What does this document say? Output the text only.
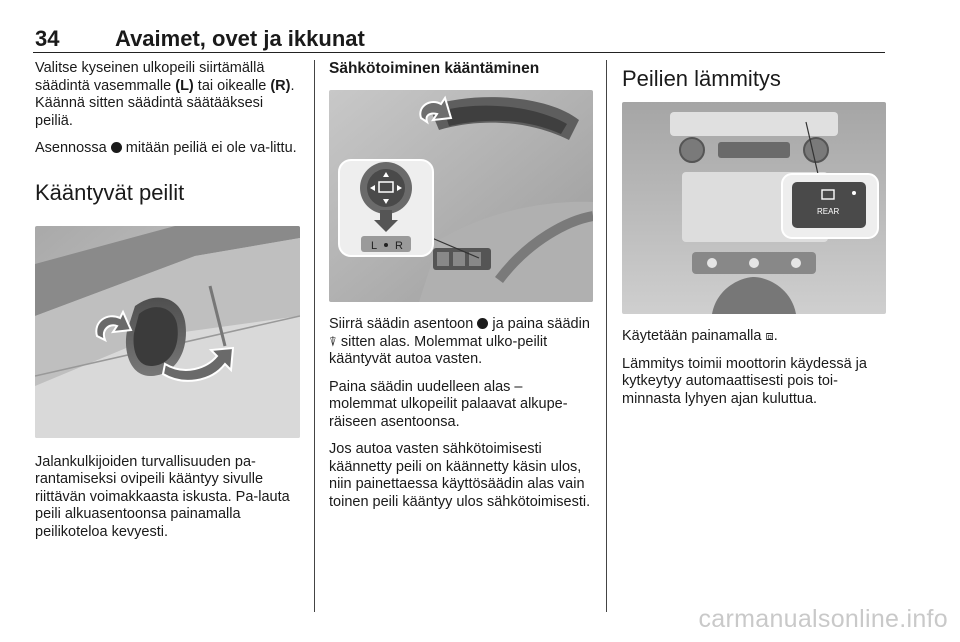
34	Avaimet, ovet ja ikkunat

Valitse kyseinen ulkopeili siirtämällä säädintä vasemmalle (L) tai oikealle (R). Käännä sitten säädintä säätääksesi peiliä.

Asennossa  mitään peiliä ei ole va-littu.

Kääntyvät peilit

Jalankulkijoiden turvallisuuden pa-rantamiseksi ovipeili kääntyy sivulle riittävän voimakkaasta iskusta. Pa-lauta peili alkuasentoonsa painamalla peilikoteloa kevyesti.

Sähkötoiminen kääntäminen
L R

Siirrä säädin asentoon  ja paina säädin ⍒ sitten alas. Molemmat ulko-peilit kääntyvät autoa vasten.

Paina säädin uudelleen alas – molemmat ulkopeilit palaavat alkupe-räiseen asentoonsa.

Jos autoa vasten sähkötoimisesti käännetty peili on käännetty käsin ulos, niin painettaessa käyttösäädin alas vain toinen peili kääntyy ulos sähkötoimisesti.

Peilien lämmitys
REAR

Käytetään painamalla ⧈.

Lämmitys toimii moottorin käydessä ja kytkeytyy automaattisesti pois toi-minnasta lyhyen ajan kuluttua.

carmanualsonline.info
